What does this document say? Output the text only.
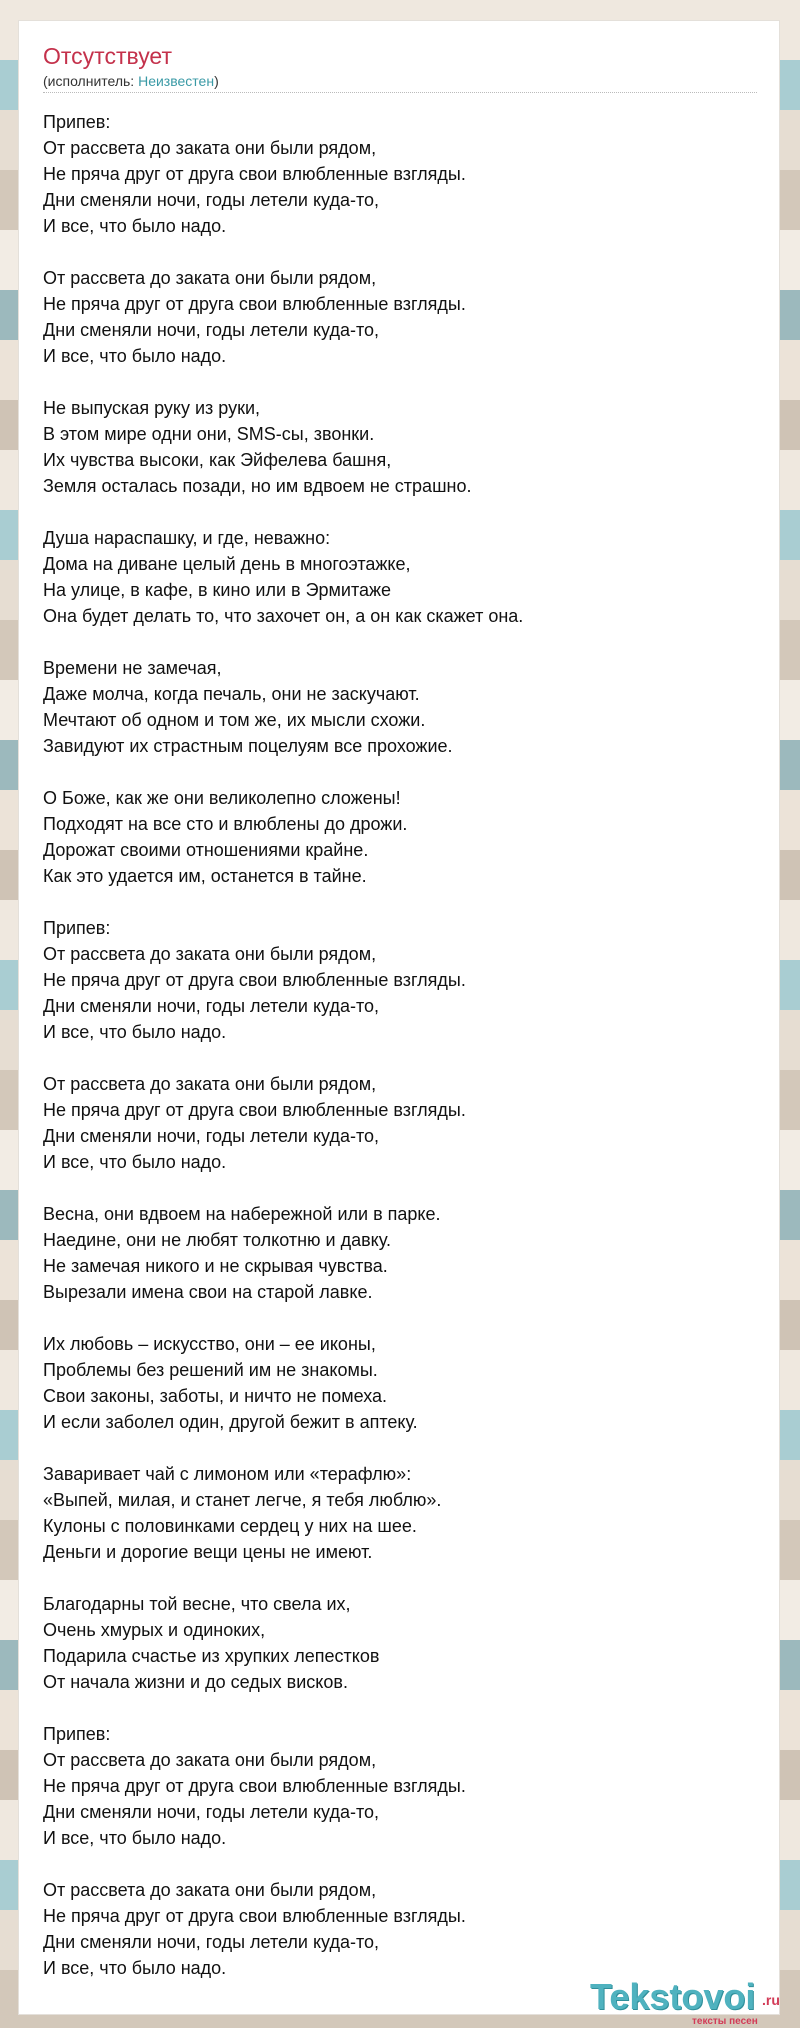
Отсутствует

(исполнитель: Неизвестен)

Припев:
От рассвета до заката они были рядом,
Не пряча друг от друга свои влюбленные взгляды.
Дни сменяли ночи, годы летели куда-то,
И все, что было надо.

От рассвета до заката они были рядом,
Не пряча друг от друга свои влюбленные взгляды.
Дни сменяли ночи, годы летели куда-то,
И все, что было надо.

Не выпуская руку из руки,
В этом мире одни они, SMS-сы, звонки.
Их чувства высоки, как Эйфелева башня,
Земля осталась позади, но им вдвоем не страшно.

Душа нараспашку, и где, неважно:
Дома на диване целый день в многоэтажке,
На улице, в кафе, в кино или в Эрмитаже
Она будет делать то, что захочет он, а он как скажет она.

Времени не замечая,
Даже молча, когда печаль, они не заскучают.
Мечтают об одном и том же, их мысли схожи.
Завидуют их страстным поцелуям все прохожие.

О Боже, как же они великолепно сложены!
Подходят на все сто и влюблены до дрожи.
Дорожат своими отношениями крайне.
Как это удается им, останется в тайне.

Припев:
От рассвета до заката они были рядом,
Не пряча друг от друга свои влюбленные взгляды.
Дни сменяли ночи, годы летели куда-то,
И все, что было надо.

От рассвета до заката они были рядом,
Не пряча друг от друга свои влюбленные взгляды.
Дни сменяли ночи, годы летели куда-то,
И все, что было надо.

Весна, они вдвоем на набережной или в парке.
Наедине, они не любят толкотню и давку.
Не замечая никого и не скрывая чувства.
Вырезали имена свои на старой лавке.

Их любовь – искусство, они – ее иконы,
Проблемы без решений им не знакомы.
Свои законы, заботы, и ничто не помеха.
И если заболел один, другой бежит в аптеку.

Заваривает чай с лимоном или «терафлю»:
«Выпей, милая, и станет легче, я тебя люблю».
Кулоны с половинками сердец у них на шее.
Деньги и дорогие вещи цены не имеют.

Благодарны той весне, что свела их,
Очень хмурых и одиноких,
Подарила счастье из хрупких лепестков
От начала жизни и до седых висков.

Припев:
От рассвета до заката они были рядом,
Не пряча друг от друга свои влюбленные взгляды.
Дни сменяли ночи, годы летели куда-то,
И все, что было надо.

От рассвета до заката они были рядом,
Не пряча друг от друга свои влюбленные взгляды.
Дни сменяли ночи, годы летели куда-то,
И все, что было надо.

Tekstovoi .ru
тексты песен
